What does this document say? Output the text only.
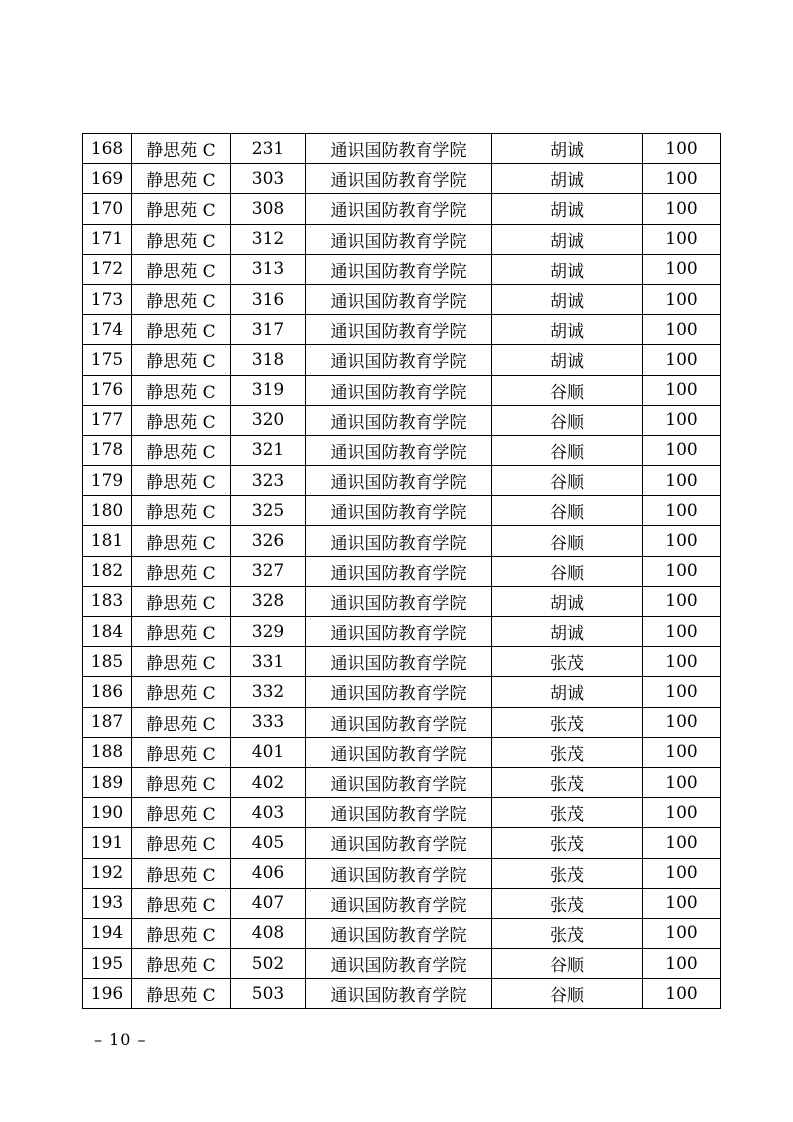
168	静思苑 C	231	通识国防教育学院	胡诚	100
169	静思苑 C	303	通识国防教育学院	胡诚	100
170	静思苑 C	308	通识国防教育学院	胡诚	100
171	静思苑 C	312	通识国防教育学院	胡诚	100
172	静思苑 C	313	通识国防教育学院	胡诚	100
173	静思苑 C	316	通识国防教育学院	胡诚	100
174	静思苑 C	317	通识国防教育学院	胡诚	100
175	静思苑 C	318	通识国防教育学院	胡诚	100
176	静思苑 C	319	通识国防教育学院	谷顺	100
177	静思苑 C	320	通识国防教育学院	谷顺	100
178	静思苑 C	321	通识国防教育学院	谷顺	100
179	静思苑 C	323	通识国防教育学院	谷顺	100
180	静思苑 C	325	通识国防教育学院	谷顺	100
181	静思苑 C	326	通识国防教育学院	谷顺	100
182	静思苑 C	327	通识国防教育学院	谷顺	100
183	静思苑 C	328	通识国防教育学院	胡诚	100
184	静思苑 C	329	通识国防教育学院	胡诚	100
185	静思苑 C	331	通识国防教育学院	张茂	100
186	静思苑 C	332	通识国防教育学院	胡诚	100
187	静思苑 C	333	通识国防教育学院	张茂	100
188	静思苑 C	401	通识国防教育学院	张茂	100
189	静思苑 C	402	通识国防教育学院	张茂	100
190	静思苑 C	403	通识国防教育学院	张茂	100
191	静思苑 C	405	通识国防教育学院	张茂	100
192	静思苑 C	406	通识国防教育学院	张茂	100
193	静思苑 C	407	通识国防教育学院	张茂	100
194	静思苑 C	408	通识国防教育学院	张茂	100
195	静思苑 C	502	通识国防教育学院	谷顺	100
196	静思苑 C	503	通识国防教育学院	谷顺	100
– 10 –
